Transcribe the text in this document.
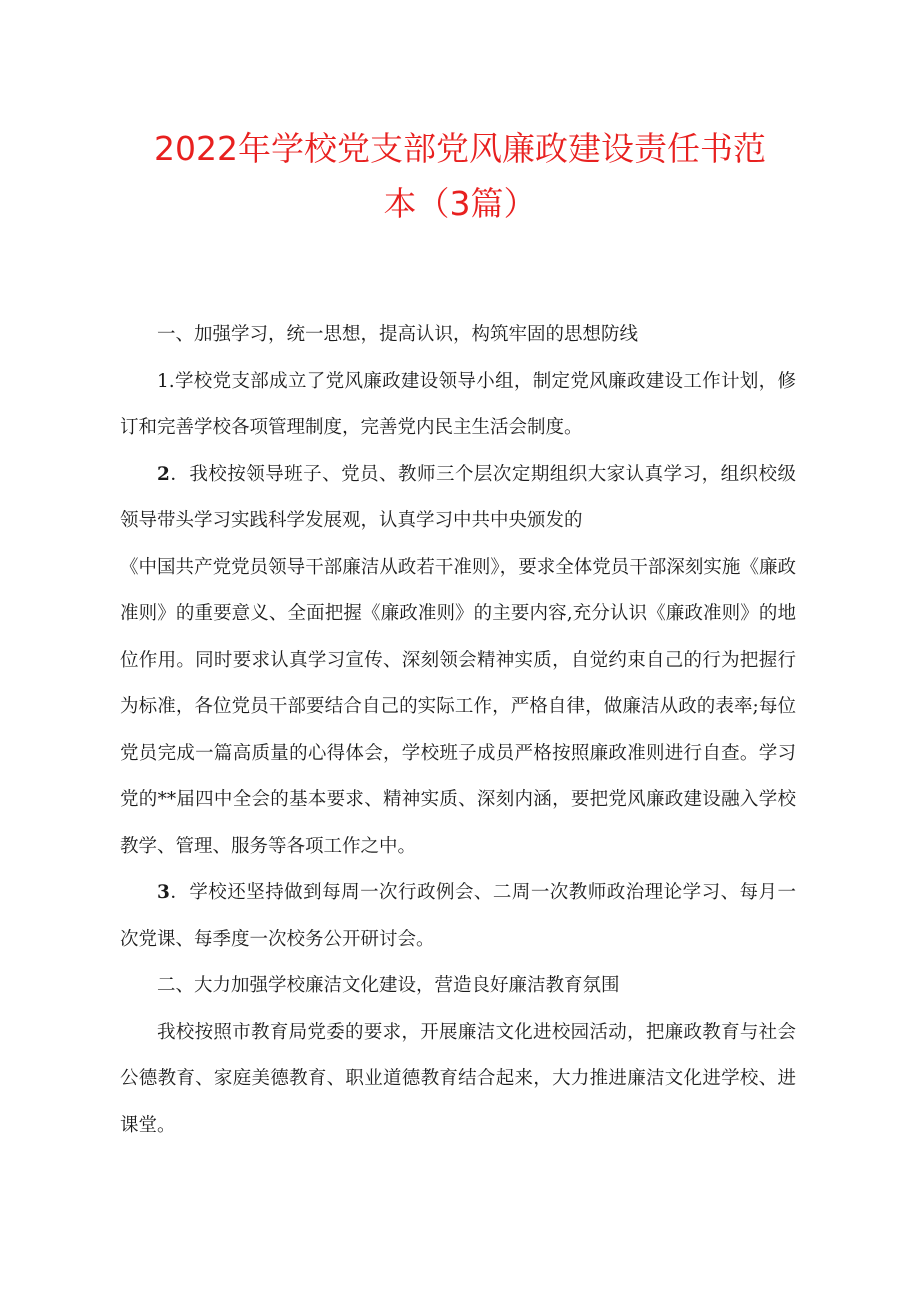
2022年学校党支部党风廉政建设责任书范
本（3篇）

一、加强学习，统一思想，提高认识，构筑牢固的思想防线

1.学校党支部成立了党风廉政建设领导小组，制定党风廉政建设工作计划，修订和完善学校各项管理制度，完善党内民主生活会制度。

2．我校按领导班子、党员、教师三个层次定期组织大家认真学习，组织校级领导带头学习实践科学发展观，认真学习中共中央颁发的

《中国共产党党员领导干部廉洁从政若干准则》，要求全体党员干部深刻实施《廉政准则》的重要意义、全面把握《廉政准则》的主要内容,充分认识《廉政准则》的地位作用。同时要求认真学习宣传、深刻领会精神实质，自觉约束自己的行为把握行为标准，各位党员干部要结合自己的实际工作，严格自律，做廉洁从政的表率;每位党员完成一篇高质量的心得体会，学校班子成员严格按照廉政准则进行自查。学习党的**届四中全会的基本要求、精神实质、深刻内涵，要把党风廉政建设融入学校教学、管理、服务等各项工作之中。

3．学校还坚持做到每周一次行政例会、二周一次教师政治理论学习、每月一次党课、每季度一次校务公开研讨会。

二、大力加强学校廉洁文化建设，营造良好廉洁教育氛围

我校按照市教育局党委的要求，开展廉洁文化进校园活动，把廉政教育与社会公德教育、家庭美德教育、职业道德教育结合起来，大力推进廉洁文化进学校、进课堂。
